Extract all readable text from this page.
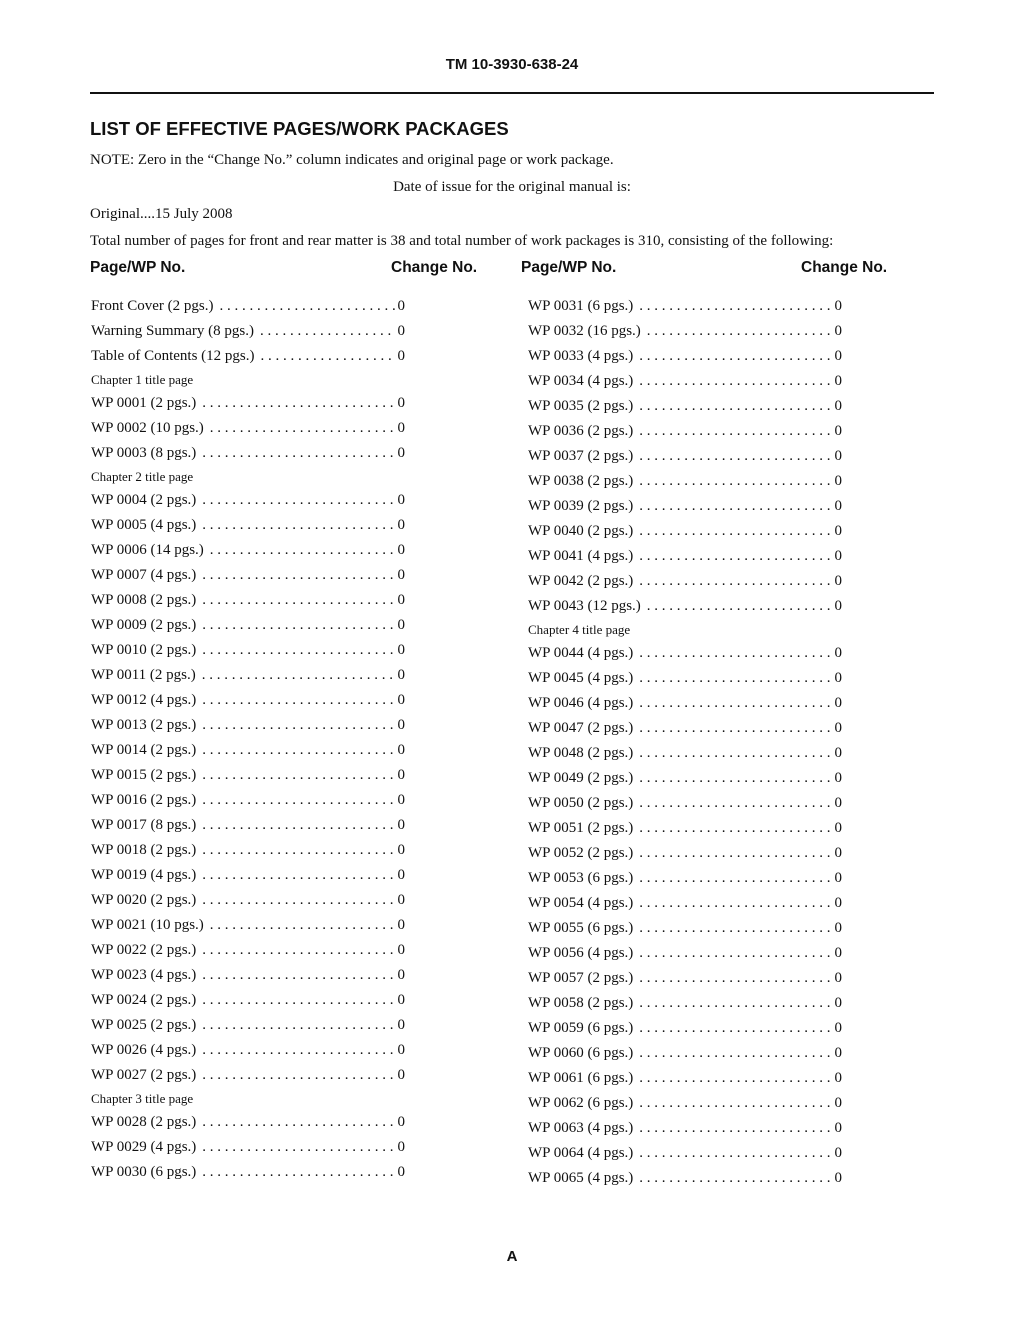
TM 10-3930-638-24
LIST OF EFFECTIVE PAGES/WORK PACKAGES
NOTE: Zero in the “Change No.” column indicates and original page or work package.
Date of issue for the original manual is:
Original....15 July 2008
Total number of pages for front and rear matter is 38 and total number of work packages is 310, consisting of the following:
Page/WP No.	Change No.	Page/WP No.	Change No.
Front Cover (2 pgs.) . . .	0
Warning Summary (8 pgs.) . . .	0
Table of Contents (12 pgs.) . . .	0
Chapter 1 title page
WP 0001 (2 pgs.) . . .	0
WP 0002 (10 pgs.) . . .	0
WP 0003 (8 pgs.) . . .	0
Chapter 2 title page
WP 0004 (2 pgs.) . . .	0
WP 0005 (4 pgs.) . . .	0
WP 0006 (14 pgs.) . . .	0
WP 0007 (4 pgs.) . . .	0
WP 0008 (2 pgs.) . . .	0
WP 0009 (2 pgs.) . . .	0
WP 0010 (2 pgs.) . . .	0
WP 0011 (2 pgs.) . . .	0
WP 0012 (4 pgs.) . . .	0
WP 0013 (2 pgs.) . . .	0
WP 0014 (2 pgs.) . . .	0
WP 0015 (2 pgs.) . . .	0
WP 0016 (2 pgs.) . . .	0
WP 0017 (8 pgs.) . . .	0
WP 0018 (2 pgs.) . . .	0
WP 0019 (4 pgs.) . . .	0
WP 0020 (2 pgs.) . . .	0
WP 0021 (10 pgs.) . . .	0
WP 0022 (2 pgs.) . . .	0
WP 0023 (4 pgs.) . . .	0
WP 0024 (2 pgs.) . . .	0
WP 0025 (2 pgs.) . . .	0
WP 0026 (4 pgs.) . . .	0
WP 0027 (2 pgs.) . . .	0
Chapter 3 title page
WP 0028 (2 pgs.) . . .	0
WP 0029 (4 pgs.) . . .	0
WP 0030 (6 pgs.) . . .	0
WP 0031 (6 pgs.) . . .	0
WP 0032 (16 pgs.) . . .	0
WP 0033 (4 pgs.) . . .	0
WP 0034 (4 pgs.) . . .	0
WP 0035 (2 pgs.) . . .	0
WP 0036 (2 pgs.) . . .	0
WP 0037 (2 pgs.) . . .	0
WP 0038 (2 pgs.) . . .	0
WP 0039 (2 pgs.) . . .	0
WP 0040 (2 pgs.) . . .	0
WP 0041 (4 pgs.) . . .	0
WP 0042 (2 pgs.) . . .	0
WP 0043 (12 pgs.) . . .	0
Chapter 4 title page
WP 0044 (4 pgs.) . . .	0
WP 0045 (4 pgs.) . . .	0
WP 0046 (4 pgs.) . . .	0
WP 0047 (2 pgs.) . . .	0
WP 0048 (2 pgs.) . . .	0
WP 0049 (2 pgs.) . . .	0
WP 0050 (2 pgs.) . . .	0
WP 0051 (2 pgs.) . . .	0
WP 0052 (2 pgs.) . . .	0
WP 0053 (6 pgs.) . . .	0
WP 0054 (4 pgs.) . . .	0
WP 0055 (6 pgs.) . . .	0
WP 0056 (4 pgs.) . . .	0
WP 0057 (2 pgs.) . . .	0
WP 0058 (2 pgs.) . . .	0
WP 0059 (6 pgs.) . . .	0
WP 0060 (6 pgs.) . . .	0
WP 0061 (6 pgs.) . . .	0
WP 0062 (6 pgs.) . . .	0
WP 0063 (4 pgs.) . . .	0
WP 0064 (4 pgs.) . . .	0
WP 0065 (4 pgs.) . . .	0
A
